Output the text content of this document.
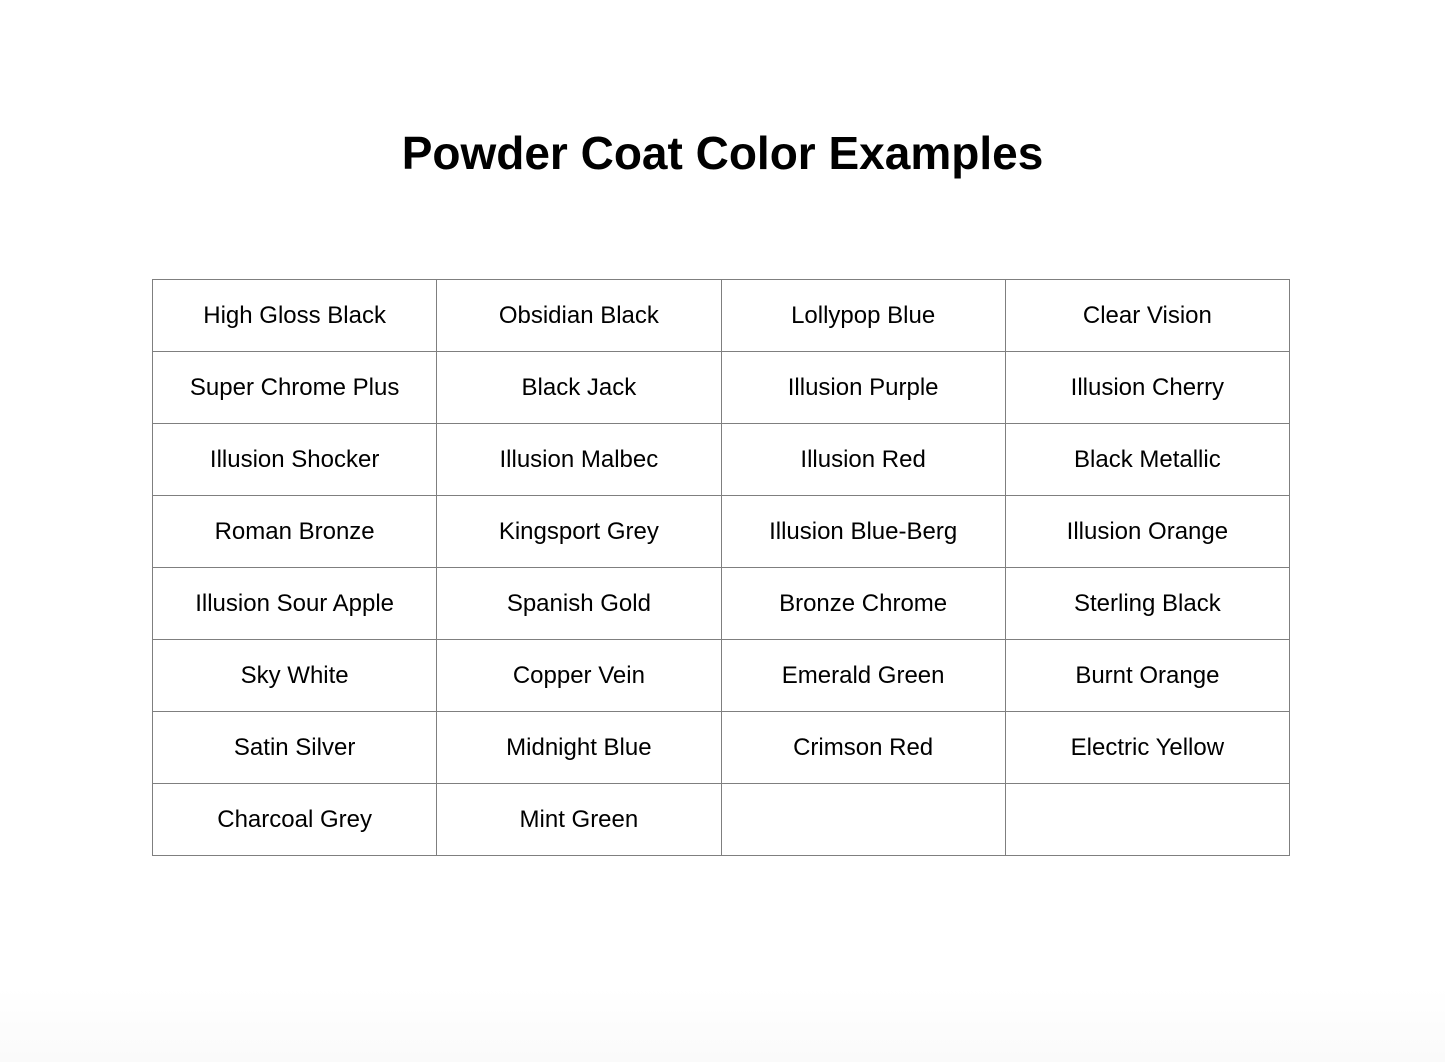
Powder Coat Color Examples
High Gloss Black	Obsidian Black	Lollypop Blue	Clear Vision
Super Chrome Plus	Black Jack	Illusion Purple	Illusion Cherry
Illusion Shocker	Illusion Malbec	Illusion Red	Black Metallic
Roman Bronze	Kingsport Grey	Illusion Blue-Berg	Illusion Orange
Illusion Sour Apple	Spanish Gold	Bronze Chrome	Sterling Black
Sky White	Copper Vein	Emerald Green	Burnt Orange
Satin Silver	Midnight Blue	Crimson Red	Electric Yellow
Charcoal Grey	Mint Green		
